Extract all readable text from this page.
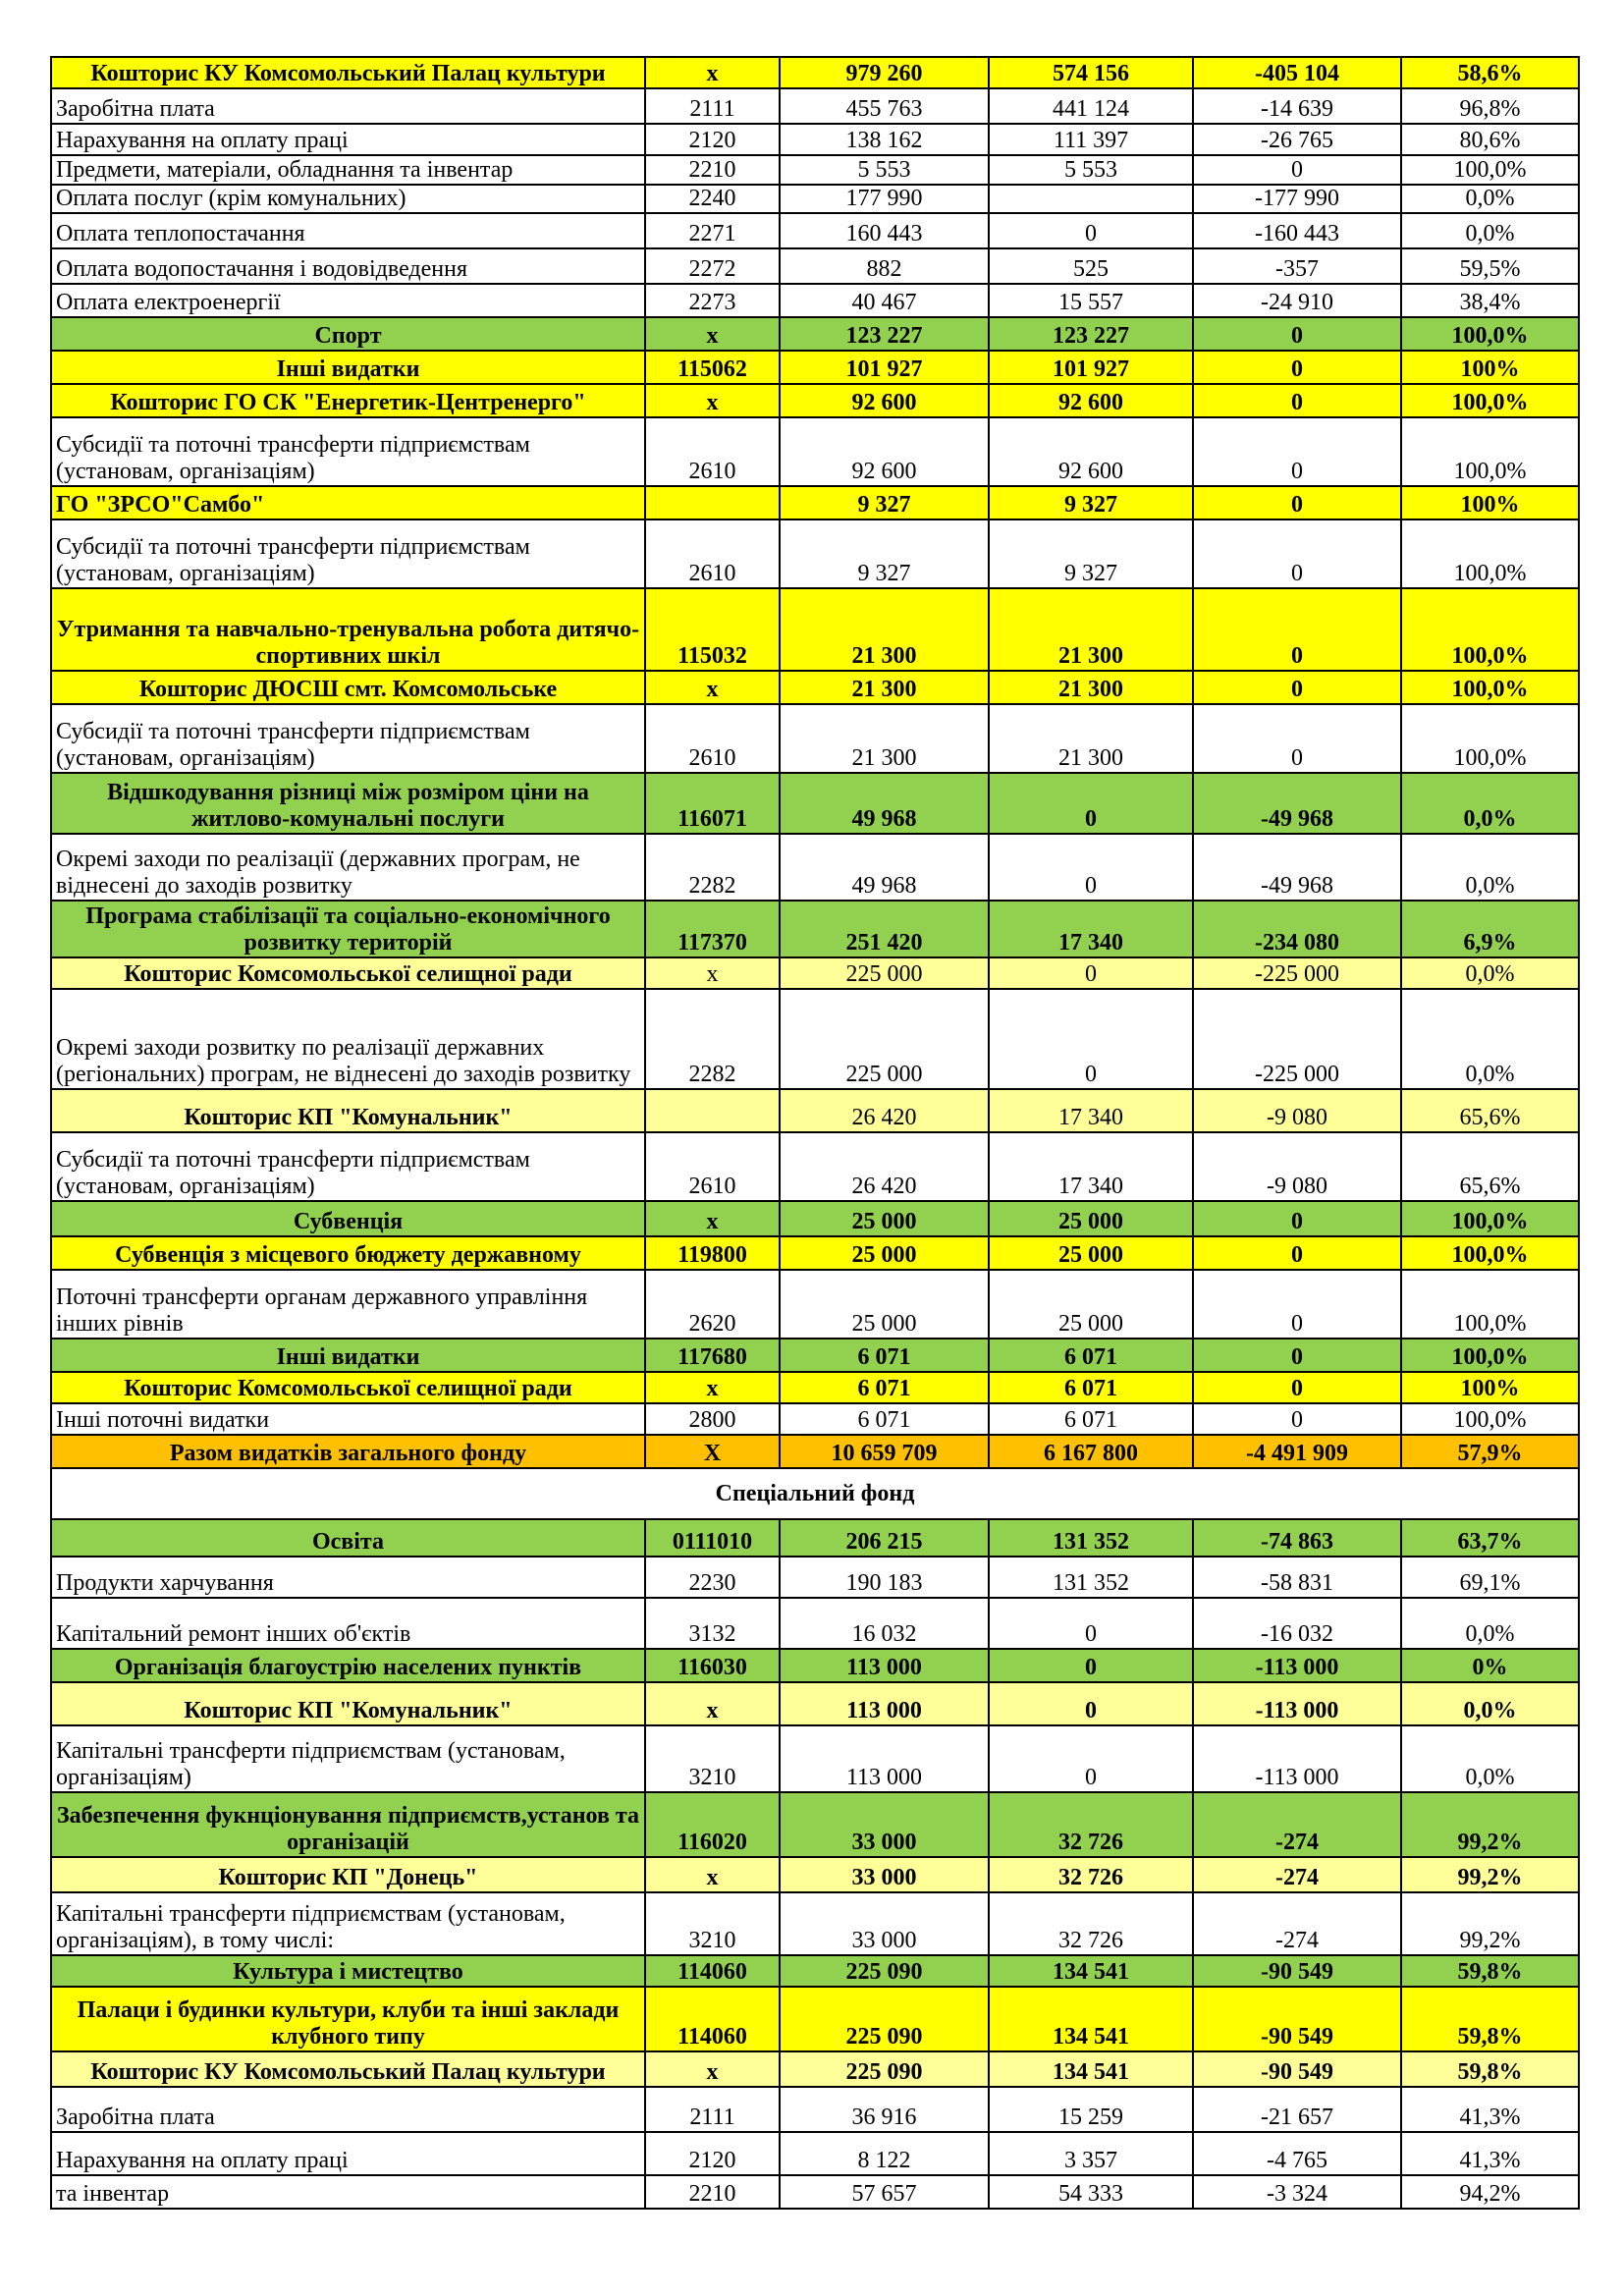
Кошторис КУ Комсомольський Палац культури	х	979 260	574 156	-405 104	58,6%
Заробітна плата	2111	455 763	441 124	-14 639	96,8%
Нарахування на оплату праці	2120	138 162	111 397	-26 765	80,6%
Предмети, матеріали, обладнання та інвентар	2210	5 553	5 553	0	100,0%
Оплата послуг (крім комунальних)	2240	177 990		-177 990	0,0%
Оплата теплопостачання	2271	160 443	0	-160 443	0,0%
Оплата водопостачання і водовідведення	2272	882	525	-357	59,5%
Оплата електроенергії	2273	40 467	15 557	-24 910	38,4%
Спорт	х	123 227	123 227	0	100,0%
Інші видатки	115062	101 927	101 927	0	100%
Кошторис ГО СК "Енергетик-Центренерго"	х	92 600	92 600	0	100,0%
Субсидії та поточні трансферти підприємствам (установам, організаціям)	2610	92 600	92 600	0	100,0%
ГО "ЗРСО"Самбо"		9 327	9 327	0	100%
Субсидії та поточні трансферти підприємствам (установам, організаціям)	2610	9 327	9 327	0	100,0%
Утримання та навчально-тренувальна робота дитячо-спортивних шкіл	115032	21 300	21 300	0	100,0%
Кошторис ДЮСШ смт. Комсомольське	х	21 300	21 300	0	100,0%
Субсидії та поточні трансферти підприємствам (установам, організаціям)	2610	21 300	21 300	0	100,0%
Відшкодування різниці між розміром ціни на житлово-комунальні послуги	116071	49 968	0	-49 968	0,0%
Окремі заходи по реалізації (державних програм, не віднесені до заходів розвитку	2282	49 968	0	-49 968	0,0%
Програма стабілізації та соціально-економічного розвитку територій	117370	251 420	17 340	-234 080	6,9%
Кошторис Комсомольської селищної ради	х	225 000	0	-225 000	0,0%
Окремі заходи розвитку по реалізації державних (регіональних) програм, не віднесені до заходів розвитку	2282	225 000	0	-225 000	0,0%
Кошторис КП "Комунальник"		26 420	17 340	-9 080	65,6%
Субсидії та поточні трансферти підприємствам (установам, організаціям)	2610	26 420	17 340	-9 080	65,6%
Субвенція	х	25 000	25 000	0	100,0%
Субвенція з місцевого бюджету державному	119800	25 000	25 000	0	100,0%
Поточні трансферти органам державного управління інших рівнів	2620	25 000	25 000	0	100,0%
Інші видатки	117680	6 071	6 071	0	100,0%
Кошторис Комсомольської селищної ради	х	6 071	6 071	0	100%
Інші поточні видатки	2800	6 071	6 071	0	100,0%
Разом видатків загального фонду	Х	10 659 709	6 167 800	-4 491 909	57,9%
Спеціальний фонд					
Освіта	0111010	206 215	131 352	-74 863	63,7%
Продукти харчування	2230	190 183	131 352	-58 831	69,1%
Капітальний ремонт інших об'єктів	3132	16 032	0	-16 032	0,0%
Організація благоустрію населених пунктів	116030	113 000	0	-113 000	0%
Кошторис КП "Комунальник"	х	113 000	0	-113 000	0,0%
Капітальні трансферти підприємствам (установам, організаціям)	3210	113 000	0	-113 000	0,0%
Забезпечення фукнціонування підприємств,установ та організацій	116020	33 000	32 726	-274	99,2%
Кошторис КП "Донець"	х	33 000	32 726	-274	99,2%
Капітальні трансферти підприємствам (установам, організаціям), в тому числі:	3210	33 000	32 726	-274	99,2%
Культура і мистецтво	114060	225 090	134 541	-90 549	59,8%
Палаци і будинки культури, клуби та інші заклади клубного типу	114060	225 090	134 541	-90 549	59,8%
Кошторис КУ Комсомольський Палац культури	х	225 090	134 541	-90 549	59,8%
Заробітна плата	2111	36 916	15 259	-21 657	41,3%
Нарахування на оплату праці	2120	8 122	3 357	-4 765	41,3%
та інвентар	2210	57 657	54 333	-3 324	94,2%
